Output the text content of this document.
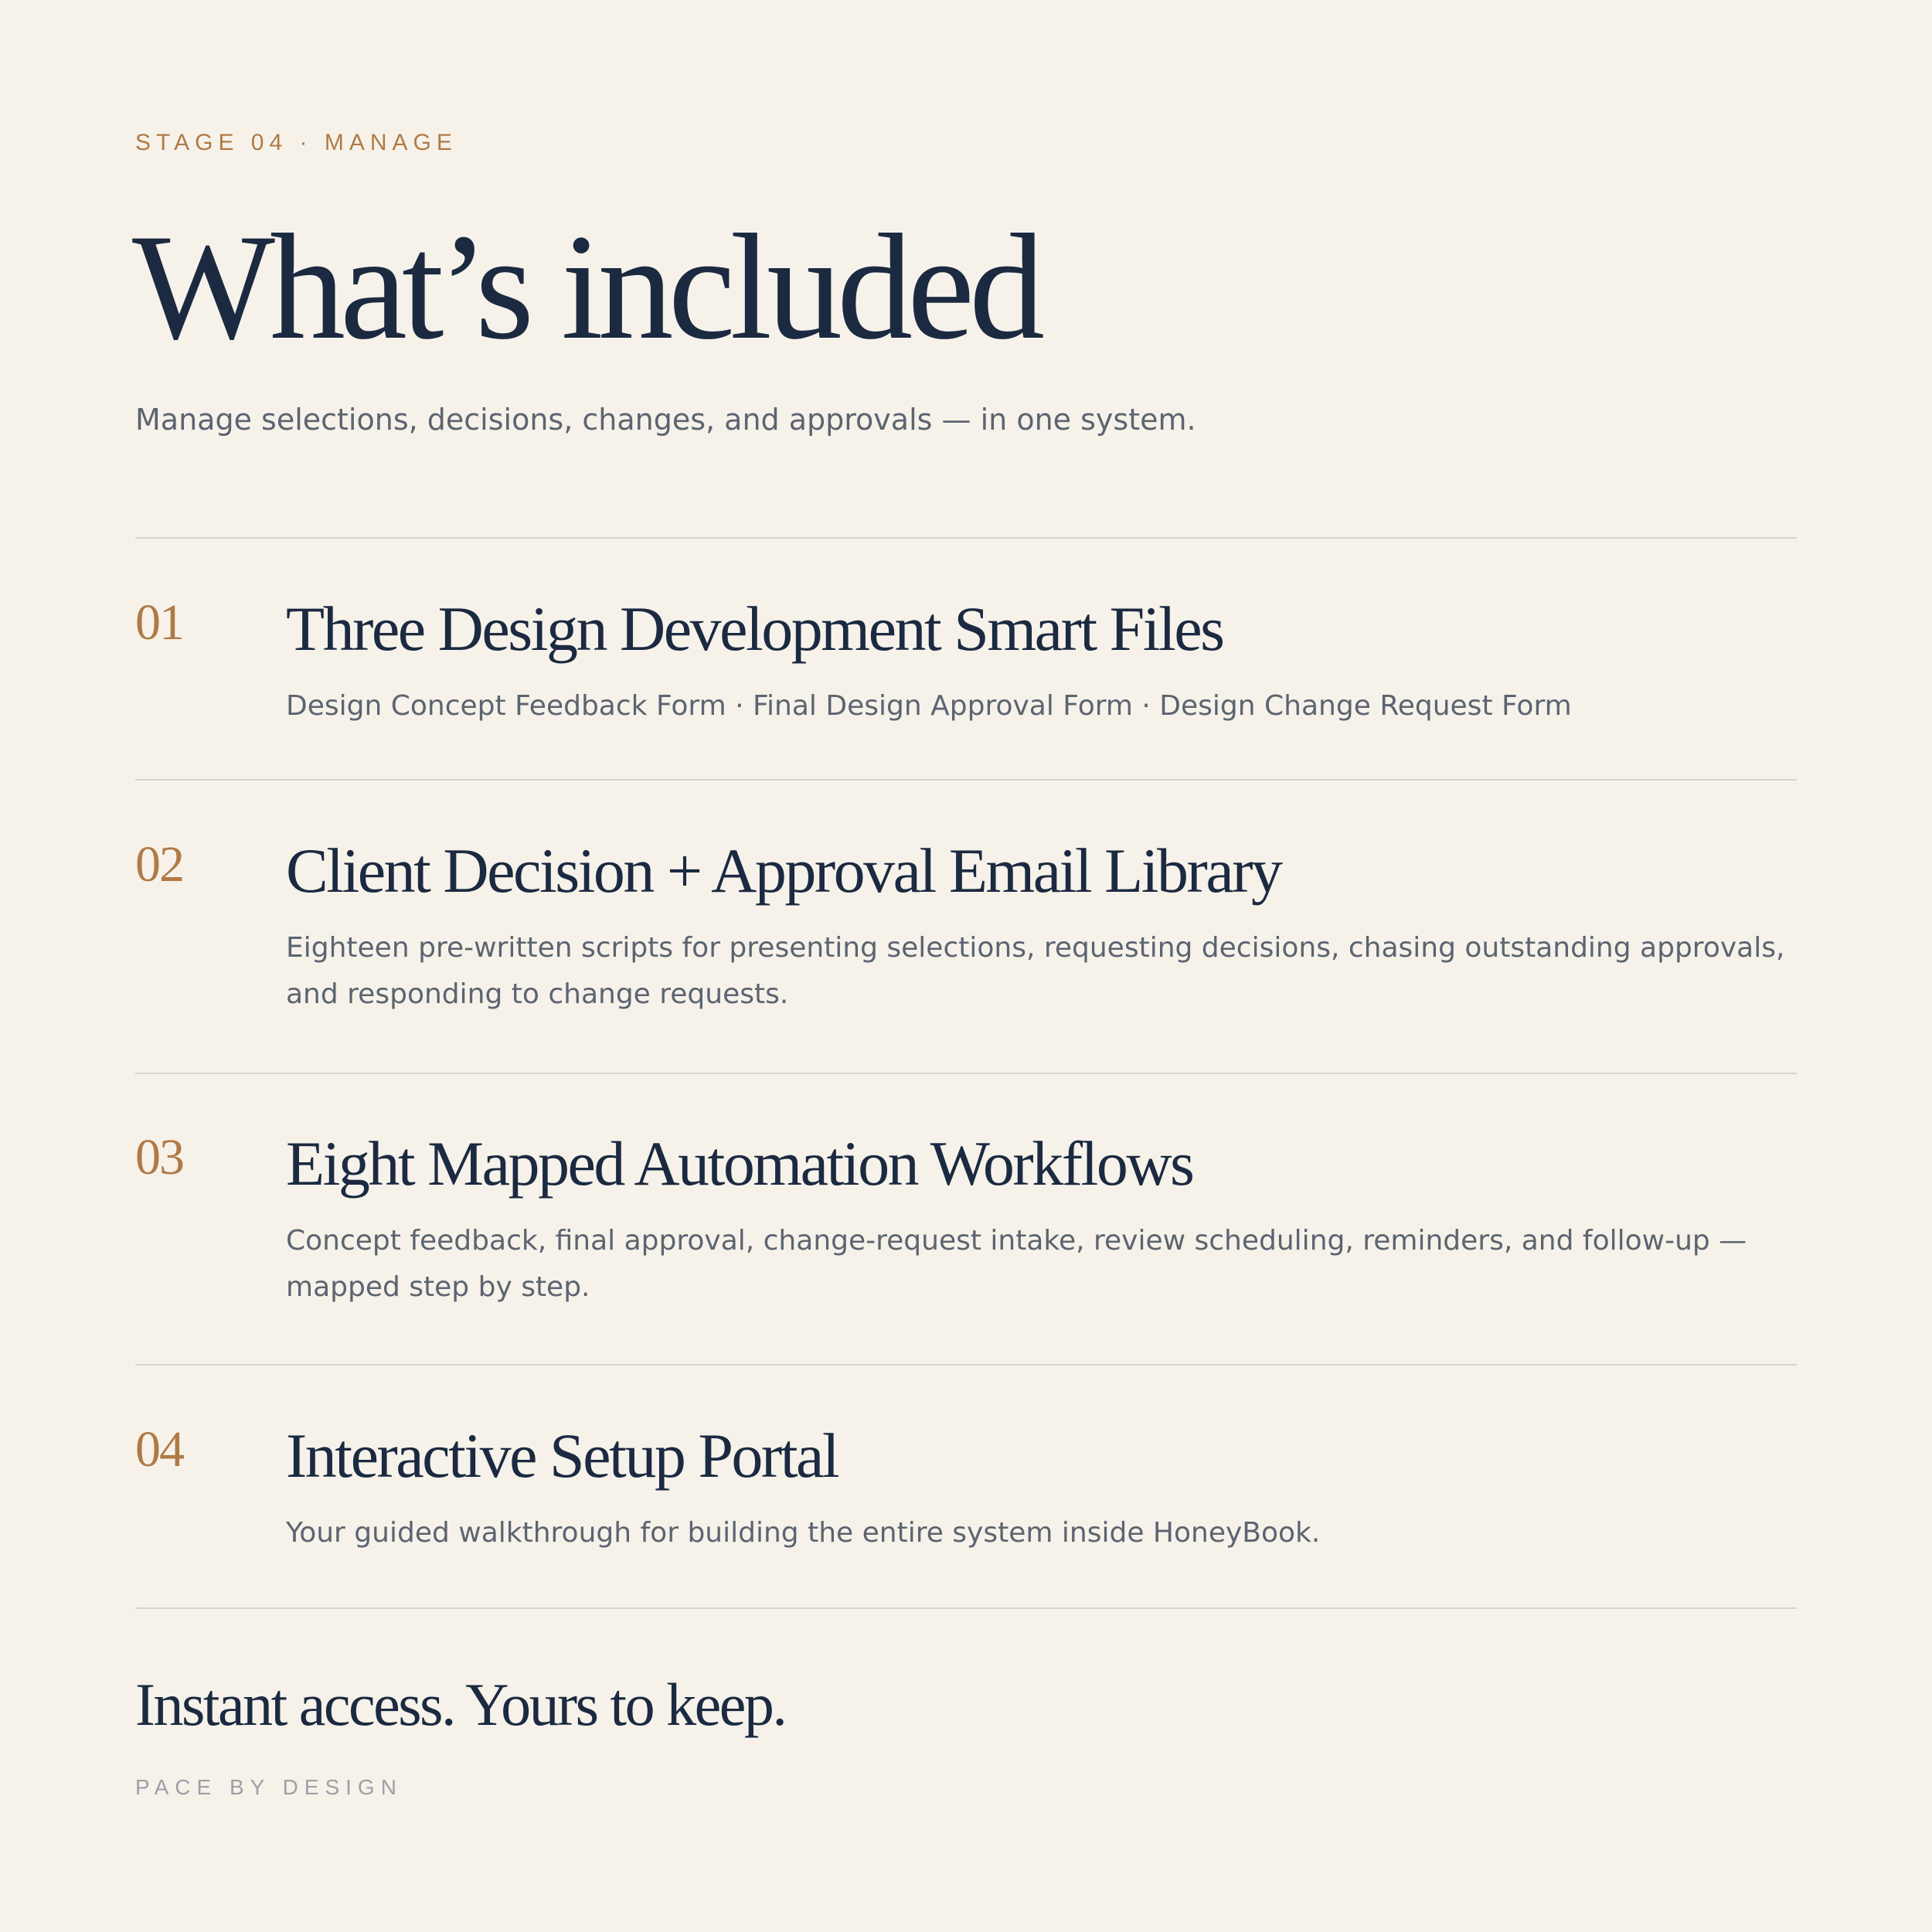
STAGE 04 · MANAGE
What’s included
Manage selections, decisions, changes, and approvals — in one system.
01 Three Design Development Smart Files

Design Concept Feedback Form · Final Design Approval Form · Design Change Request Form

02 Client Decision + Approval Email Library

Eighteen pre-written scripts for presenting selections, requesting decisions, chasing outstanding approvals, and responding to change requests.

03 Eight Mapped Automation Workflows

Concept feedback, final approval, change-request intake, review scheduling, reminders, and follow-up — mapped step by step.

04 Interactive Setup Portal

Your guided walkthrough for building the entire system inside HoneyBook.

Instant access. Yours to keep.
PACE BY DESIGN
